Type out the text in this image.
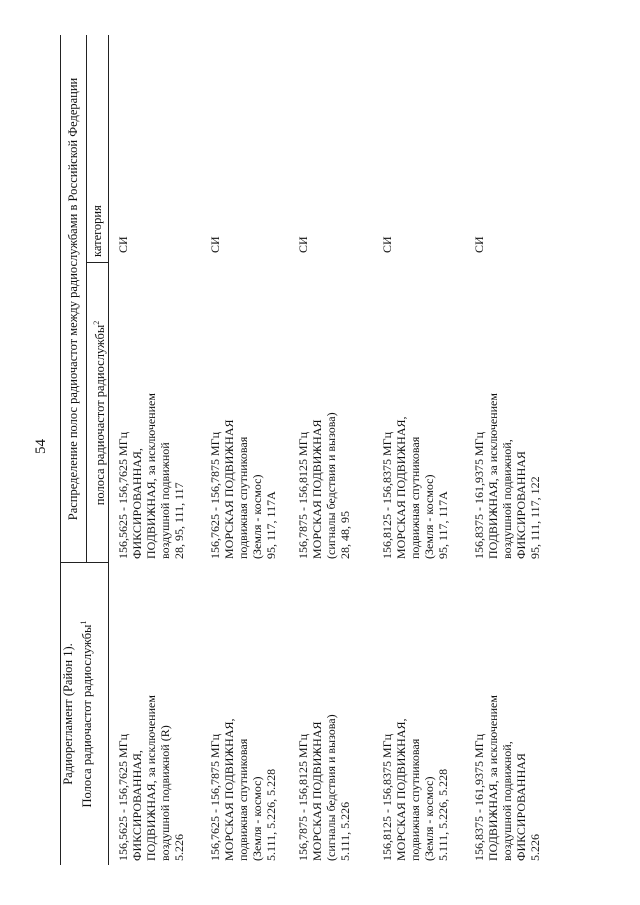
54
Радиорегламент (Район 1). Полоса радиочастот радиослужбы$^1$
Распределение полос радиочастот между радиослужбами в Российской Федерации	полоса радиочастот радиослужбы$^2$
категория
156,5625 - 156,7625 МГц ФИКСИРОВАННАЯ, ПОДВИЖНАЯ, за исключением воздушной подвижной (R) 5.226
156,5625 - 156,7625 МГц ФИКСИРОВАННАЯ, ПОДВИЖНАЯ, за исключением воздушной подвижной 28, 95, 111, 117
СИ
156,7625 - 156,7875 МГц МОРСКАЯ ПОДВИЖНАЯ, подвижная спутниковая (Земля - космос) 5.111, 5.226, 5.228
156,7625 - 156,7875 МГц МОРСКАЯ ПОДВИЖНАЯ подвижная спутниковая (Земля - космос) 95, 117, 117А
СИ
156,7875 - 156,8125 МГц МОРСКАЯ ПОДВИЖНАЯ (сигналы бедствия и вызова) 5.111, 5.226
156,7875 - 156,8125 МГц МОРСКАЯ ПОДВИЖНАЯ (сигналы бедствия и вызова) 28, 48, 95
СИ
156,8125 - 156,8375 МГц МОРСКАЯ ПОДВИЖНАЯ, подвижная спутниковая (Земля - космос) 5.111, 5.226, 5.228
156,8125 - 156,8375 МГц МОРСКАЯ ПОДВИЖНАЯ, подвижная спутниковая (Земля - космос) 95, 117, 117А
СИ
156,8375 - 161,9375 МГц ПОДВИЖНАЯ, за исключением воздушной подвижной, ФИКСИРОВАННАЯ 5.226
156,8375 - 161,9375 МГц ПОДВИЖНАЯ, за исключением воздушной подвижной, ФИКСИРОВАННАЯ 95, 111, 117, 122
СИ
